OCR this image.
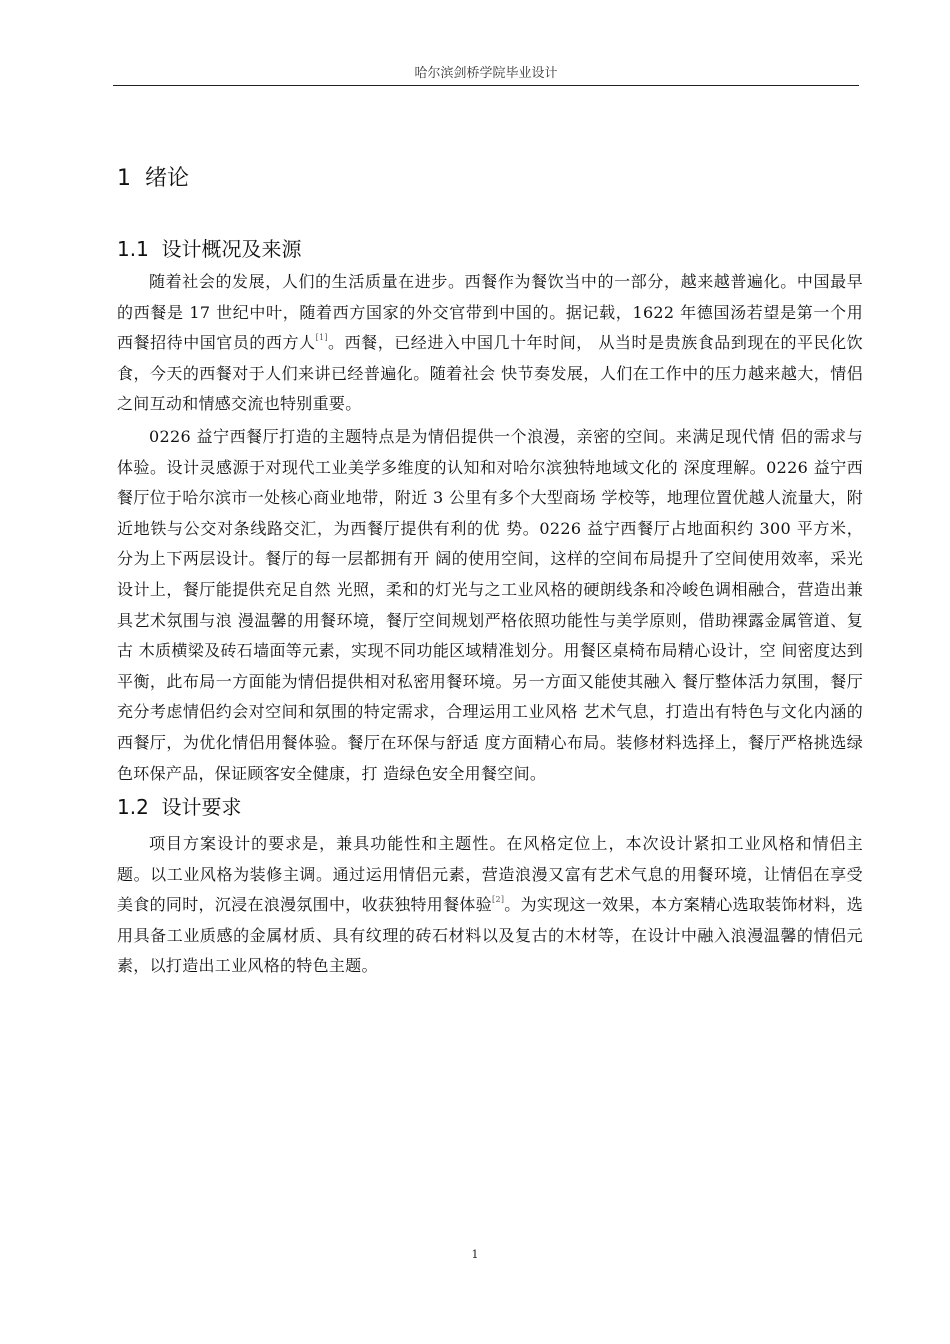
哈尔滨剑桥学院毕业设计
1 绪论
1.1 设计概况及来源

随着社会的发展，人们的生活质量在进步。西餐作为餐饮当中的一部分，越来越普遍化。中国最早的西餐是 17 世纪中叶，随着西方国家的外交官带到中国的。据记载，1622 年德国汤若望是第一个用西餐招待中国官员的西方人[1]。西餐，已经进入中国几十年时间， 从当时是贵族食品到现在的平民化饮食，今天的西餐对于人们来讲已经普遍化。随着社会 快节奏发展，人们在工作中的压力越来越大，情侣之间互动和情感交流也特别重要。

0226 益宁西餐厅打造的主题特点是为情侣提供一个浪漫，亲密的空间。来满足现代情 侣的需求与体验。设计灵感源于对现代工业美学多维度的认知和对哈尔滨独特地域文化的 深度理解。0226 益宁西餐厅位于哈尔滨市一处核心商业地带，附近 3 公里有多个大型商场 学校等，地理位置优越人流量大，附近地铁与公交对条线路交汇，为西餐厅提供有利的优 势。0226 益宁西餐厅占地面积约 300 平方米，分为上下两层设计。餐厅的每一层都拥有开 阔的使用空间，这样的空间布局提升了空间使用效率，采光设计上，餐厅能提供充足自然 光照，柔和的灯光与之工业风格的硬朗线条和冷峻色调相融合，营造出兼具艺术氛围与浪 漫温馨的用餐环境，餐厅空间规划严格依照功能性与美学原则，借助裸露金属管道、复古 木质横梁及砖石墙面等元素，实现不同功能区域精准划分。用餐区桌椅布局精心设计，空 间密度达到平衡，此布局一方面能为情侣提供相对私密用餐环境。另一方面又能使其融入 餐厅整体活力氛围，餐厅充分考虑情侣约会对空间和氛围的特定需求，合理运用工业风格 艺术气息，打造出有特色与文化内涵的西餐厅，为优化情侣用餐体验。餐厅在环保与舒适 度方面精心布局。装修材料选择上，餐厅严格挑选绿色环保产品，保证顾客安全健康，打 造绿色安全用餐空间。

1.2 设计要求

项目方案设计的要求是，兼具功能性和主题性。在风格定位上，本次设计紧扣工业风格和情侣主题。以工业风格为装修主调。通过运用情侣元素，营造浪漫又富有艺术气息的用餐环境，让情侣在享受美食的同时，沉浸在浪漫氛围中，收获独特用餐体验[2]。为实现这一效果，本方案精心选取装饰材料，选用具备工业质感的金属材质、具有纹理的砖石材料以及复古的木材等，在设计中融入浪漫温馨的情侣元素，以打造出工业风格的特色主题。

1
